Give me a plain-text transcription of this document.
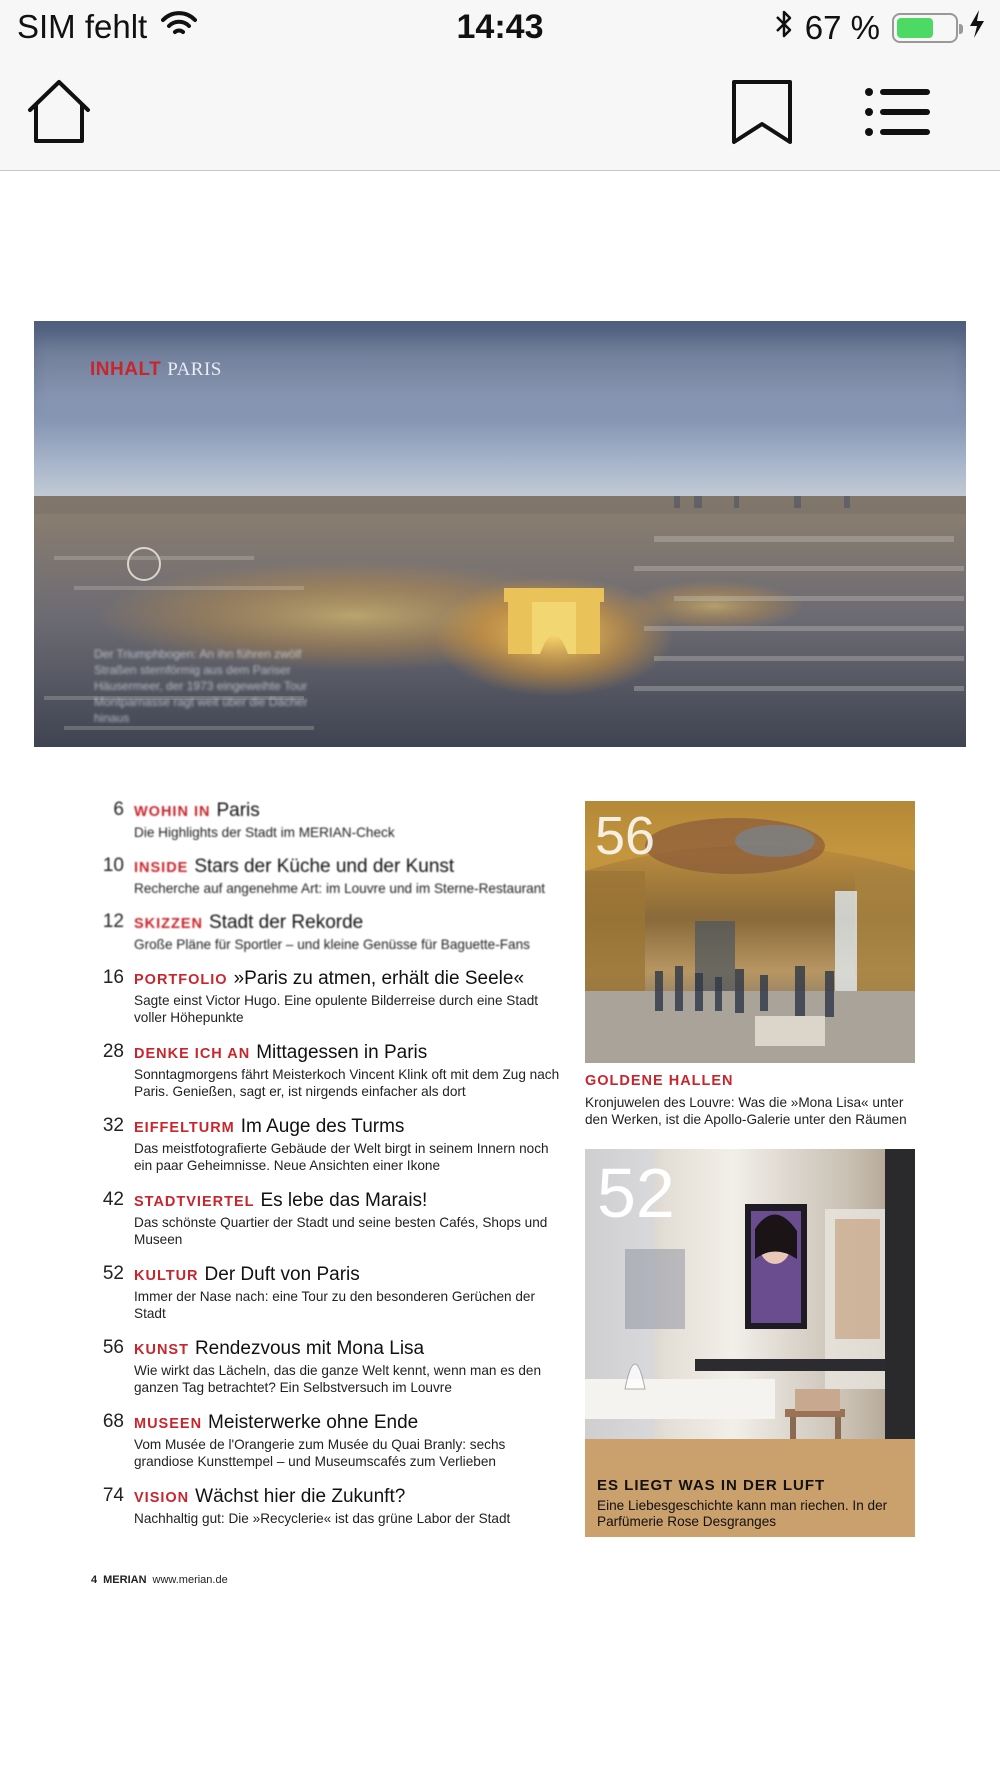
SIM fehlt	14:43	67 %
INHALT PARIS
Der Triumphbogen: An ihn führen zwölf Straßen sternförmig aus dem Pariser Häusermeer, der 1973 eingeweihte Tour Montparnasse ragt weit über die Dächer hinaus
6 WOHIN IN Paris
Die Highlights der Stadt im MERIAN-Check
10 INSIDE Stars der Küche und der Kunst
Recherche auf angenehme Art: im Louvre und im Sterne-Restaurant
12 SKIZZEN Stadt der Rekorde
Große Pläne für Sportler – und kleine Genüsse für Baguette-Fans
16 PORTFOLIO »Paris zu atmen, erhält die Seele«
Sagte einst Victor Hugo. Eine opulente Bilderreise durch eine Stadt voller Höhepunkte
28 DENKE ICH AN Mittagessen in Paris
Sonntagmorgens fährt Meisterkoch Vincent Klink oft mit dem Zug nach Paris. Genießen, sagt er, ist nirgends einfacher als dort
32 EIFFELTURM Im Auge des Turms
Das meistfotografierte Gebäude der Welt birgt in seinem Innern noch ein paar Geheimnisse. Neue Ansichten einer Ikone
42 STADTVIERTEL Es lebe das Marais!
Das schönste Quartier der Stadt und seine besten Cafés, Shops und Museen
52 KULTUR Der Duft von Paris
Immer der Nase nach: eine Tour zu den besonderen Gerüchen der Stadt
56 KUNST Rendezvous mit Mona Lisa
Wie wirkt das Lächeln, das die ganze Welt kennt, wenn man es den ganzen Tag betrachtet? Ein Selbstversuch im Louvre
68 MUSEEN Meisterwerke ohne Ende
Vom Musée de l'Orangerie zum Musée du Quai Branly: sechs grandiose Kunsttempel – und Museumscafés zum Verlieben
74 VISION Wächst hier die Zukunft?
Nachhaltig gut: Die »Recyclerie« ist das grüne Labor der Stadt
56
GOLDENE HALLEN
Kronjuwelen des Louvre: Was die »Mona Lisa« unter den Werken, ist die Apollo-Galerie unter den Räumen
52
ES LIEGT WAS IN DER LUFT
Eine Liebesgeschichte kann man riechen. In der Parfümerie Rose Desgranges
4 MERIAN www.merian.de
